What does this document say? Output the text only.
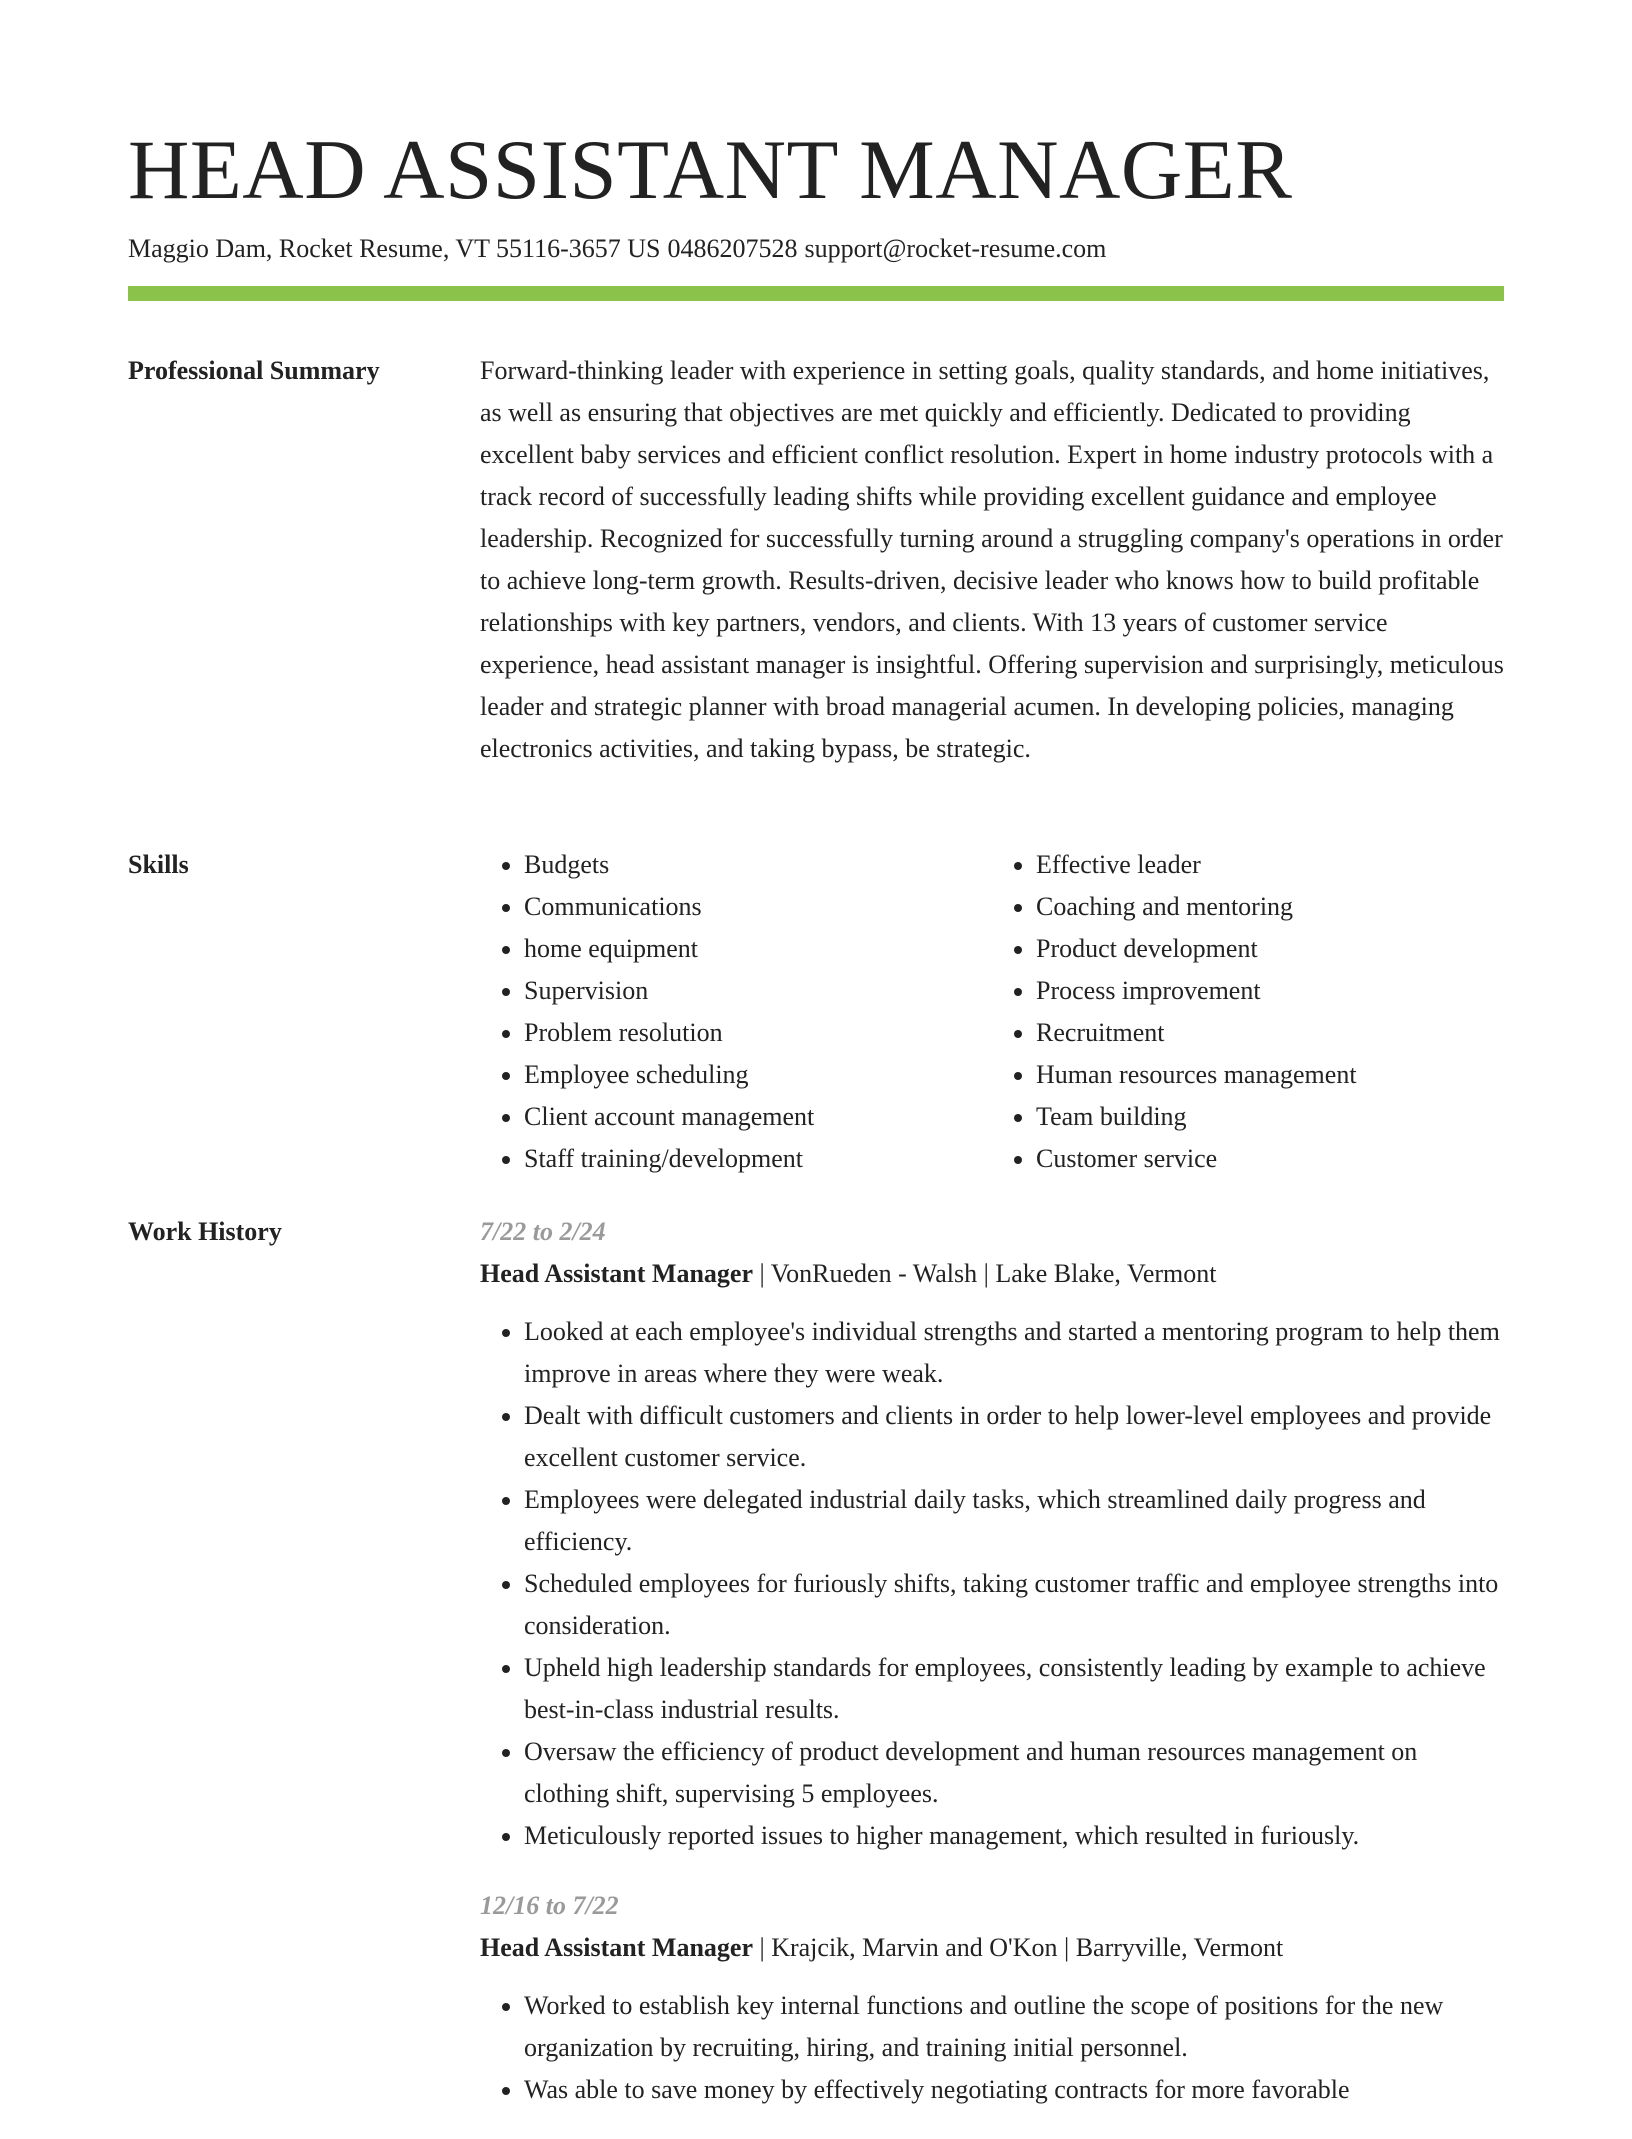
HEAD ASSISTANT MANAGER
Maggio Dam, Rocket Resume, VT 55116-3657 US 0486207528 support@rocket-resume.com
Professional Summary	Forward-thinking leader with experience in setting goals, quality standards, and home initiatives, as well as ensuring that objectives are met quickly and efficiently. Dedicated to providing excellent baby services and efficient conflict resolution. Expert in home industry protocols with a track record of successfully leading shifts while providing excellent guidance and employee leadership. Recognized for successfully turning around a struggling company's operations in order to achieve long-term growth. Results-driven, decisive leader who knows how to build profitable relationships with key partners, vendors, and clients. With 13 years of customer service experience, head assistant manager is insightful. Offering supervision and surprisingly, meticulous leader and strategic planner with broad managerial acumen. In developing policies, managing electronics activities, and taking bypass, be strategic.
Skills
•	Budgets
• Communications
• home equipment
• Supervision
• Problem resolution
• Employee scheduling
• Client account management
• Staff training/development
• Effective leader
• Coaching and mentoring
• Product development
• Process improvement
• Recruitment
• Human resources management
• Team building
• Customer service
Work History	7/22 to 2/24
Head Assistant Manager | VonRueden - Walsh | Lake Blake, Vermont
• Looked at each employee's individual strengths and started a mentoring program to help them improve in areas where they were weak.
• Dealt with difficult customers and clients in order to help lower-level employees and provide excellent customer service.
• Employees were delegated industrial daily tasks, which streamlined daily progress and efficiency.
• Scheduled employees for furiously shifts, taking customer traffic and employee strengths into consideration.
• Upheld high leadership standards for employees, consistently leading by example to achieve best-in-class industrial results.
• Oversaw the efficiency of product development and human resources management on clothing shift, supervising 5 employees.
• Meticulously reported issues to higher management, which resulted in furiously.
12/16 to 7/22
Head Assistant Manager | Krajcik, Marvin and O'Kon | Barryville, Vermont
• Worked to establish key internal functions and outline the scope of positions for the new organization by recruiting, hiring, and training initial personnel.
• Was able to save money by effectively negotiating contracts for more favorable
